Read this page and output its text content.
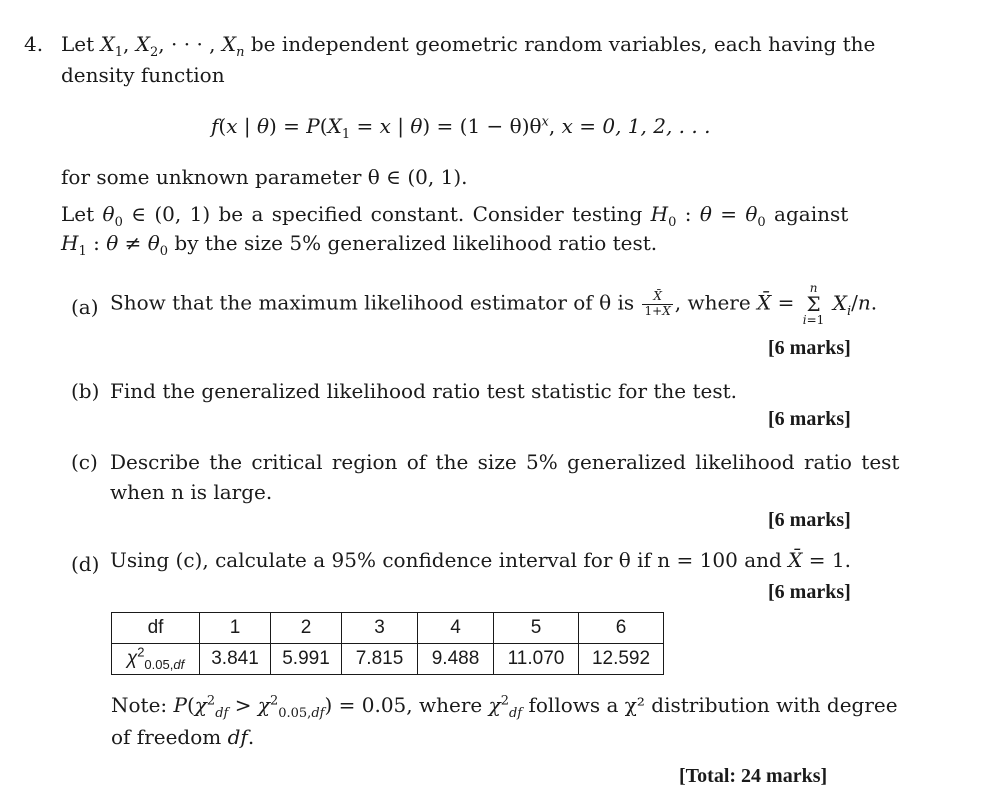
4. Let $X_1$, $X_2$, · · · , $X_n$ be independent geometric random variables, each having the
density function
f(x | $\theta) = P(X_1 = x$ | $\theta) = (1 - \theta)\theta^x$, x = 0, 1, 2, . . .
for some unknown parameter θ ∈ (0, 1).
Let $\theta_0$ ∈ (0, 1) be a specified constant. Consider testing $H_0$ : $\theta = \theta_0$ against
$H_1$ : $\theta \ne \theta_0$ by the size 5% generalized likelihood ratio test.
(a) Show that the maximum likelihood estimator of θ is $\frac{X̄}{1+X̄}$ , where X̄ =
n
Σ
i=1
$X_i/n$.
[6 marks]
(b) Find the generalized likelihood ratio test statistic for the test.
[6 marks]
(c) Describe the critical region of the size 5% generalized likelihood ratio test
when n is large.
[6 marks]
(d) Using (c), calculate a 95% confidence interval for θ if n = 100 and X̄ = 1.
[6 marks]
df	1	2	3	4	5	6
$\chi^2_{0.05,df}$	3.841	5.991	7.815	9.488	11.070	12.592
Note: $P(\chi^2_{df} > \chi^2_{0.05,df}) = 0.05$, where $\chi^2_{df}$ follows a χ² distribution with degree
of freedom df.
[Total: 24 marks]
